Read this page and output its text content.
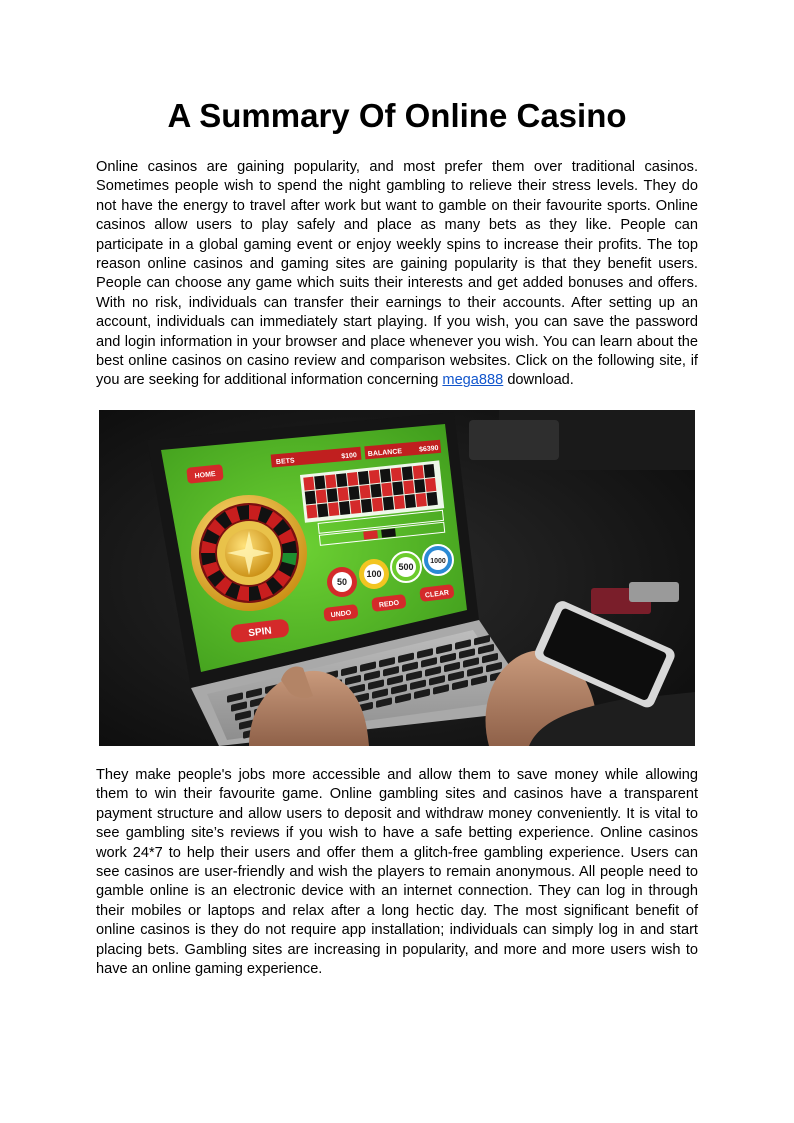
A Summary Of Online Casino

Online casinos are gaining popularity, and most prefer them over traditional casinos. Sometimes people wish to spend the night gambling to relieve their stress levels. They do not have the energy to travel after work but want to gamble on their favourite sports. Online casinos allow users to play safely and place as many bets as they like. People can participate in a global gaming event or enjoy weekly spins to increase their profits. The top reason online casinos and gaming sites are gaining popularity is that they benefit users. People can choose any game which suits their interests and get added bonuses and offers. With no risk, individuals can transfer their earnings to their accounts. After setting up an account, individuals can immediately start playing. If you wish, you can save the password and login information in your browser and place whenever you wish. You can learn about the best online casinos on casino review and comparison websites. Click on the following site, if you are seeking for additional information concerning mega888 download.

HOME
BETS
$100 BALANCE $6390
50
100
500
1000
SPIN
UNDO
REDO
CLEAR

They make people's jobs more accessible and allow them to save money while allowing them to win their favourite game. Online gambling sites and casinos have a transparent payment structure and allow users to deposit and withdraw money conveniently. It is vital to see gambling site’s reviews if you wish to have a safe betting experience. Online casinos work 24*7 to help their users and offer them a glitch-free gambling experience. Users can see casinos are user-friendly and wish the players to remain anonymous. All people need to gamble online is an electronic device with an internet connection. They can log in through their mobiles or laptops and relax after a long hectic day. The most significant benefit of online casinos is they do not require app installation; individuals can simply log in and start placing bets. Gambling sites are increasing in popularity, and more and more users wish to have an online gaming experience.
